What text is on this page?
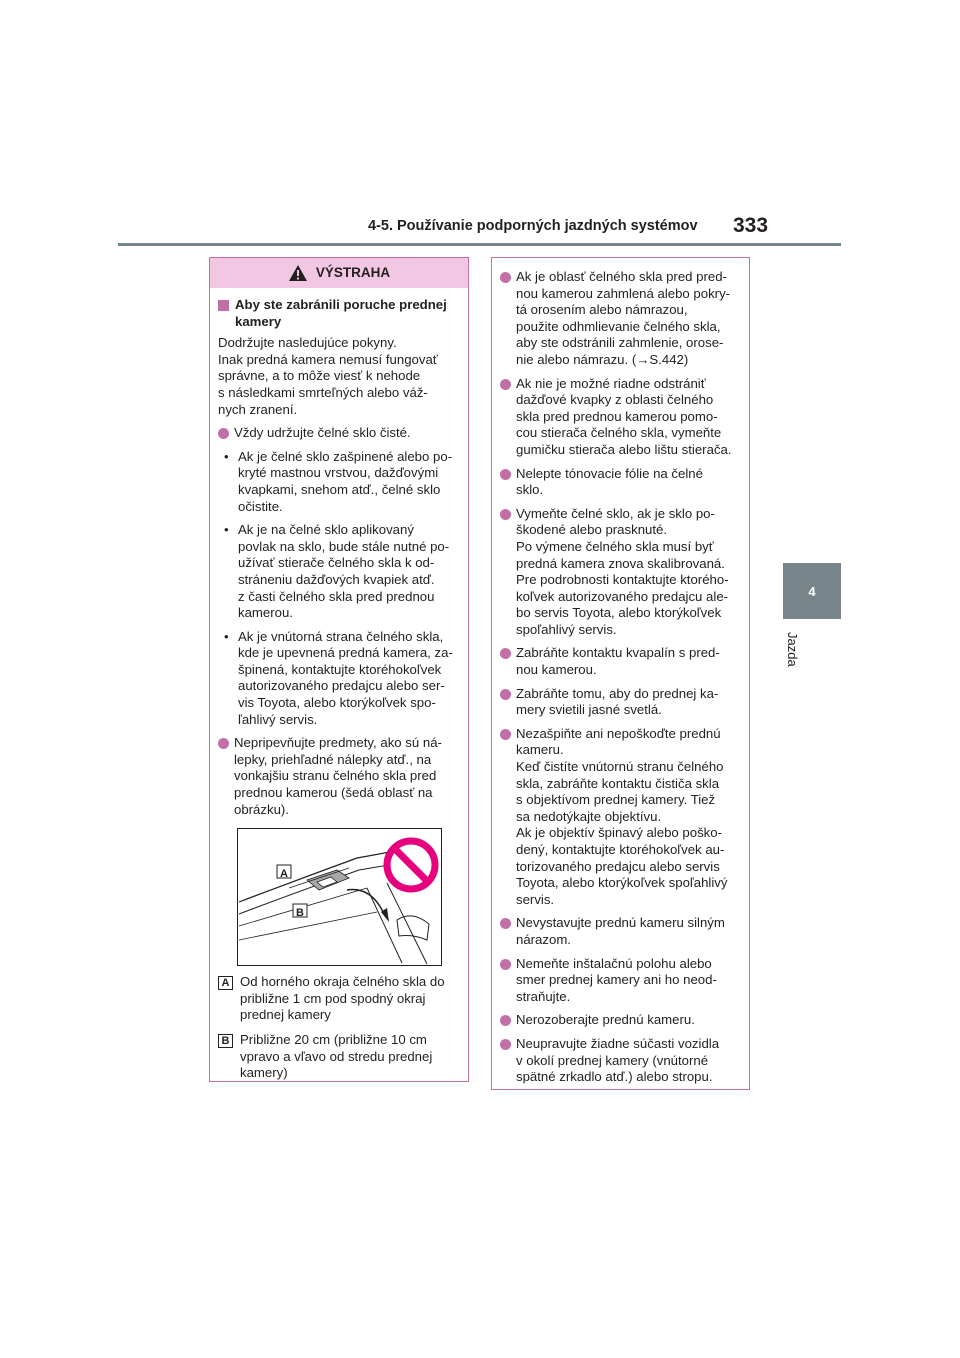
4-5. Používanie podporných jazdných systémov 333
4
Jazda
VÝSTRAHA
Aby ste zabránili poruche prednej kamery
Dodržujte nasledujúce pokyny.
Inak predná kamera nemusí fungovať
správne, a to môže viesť k nehode
s následkami smrteľných alebo váž-
nych zranení.
Vždy udržujte čelné sklo čisté.
• Ak je čelné sklo zašpinené alebo po-
kryté mastnou vrstvou, dažďovými
kvapkami, snehom atď., čelné sklo
očistite.
• Ak je na čelné sklo aplikovaný
povlak na sklo, bude stále nutné po-
užívať stierače čelného skla k od-
stráneniu dažďových kvapiek atď.
z časti čelného skla pred prednou
kamerou.
• Ak je vnútorná strana čelného skla,
kde je upevnená predná kamera, za-
špinená, kontaktujte ktoréhokoľvek
autorizovaného predajcu alebo ser-
vis Toyota, alebo ktorýkoľvek spo-
ľahlivý servis.
Nepripevňujte predmety, ako sú ná-
lepky, priehľadné nálepky atď., na
vonkajšiu stranu čelného skla pred
prednou kamerou (šedá oblasť na
obrázku).
A
B
A Od horného okraja čelného skla do
približne 1 cm pod spodný okraj
prednej kamery
B Približne 20 cm (približne 10 cm
vpravo a vľavo od stredu prednej
kamery)
Ak je oblasť čelného skla pred pred-
nou kamerou zahmlená alebo pokry-
tá orosením alebo námrazou,
použite odhmlievanie čelného skla,
aby ste odstránili zahmlenie, orose-
nie alebo námrazu. (→S.442)
Ak nie je možné riadne odstrániť
dažďové kvapky z oblasti čelného
skla pred prednou kamerou pomo-
cou stierača čelného skla, vymeňte
gumičku stierača alebo lištu stierača.
Nelepte tónovacie fólie na čelné
sklo.
Vymeňte čelné sklo, ak je sklo po-
škodené alebo prasknuté.
Po výmene čelného skla musí byť
predná kamera znova skalibrovaná.
Pre podrobnosti kontaktujte ktorého-
koľvek autorizovaného predajcu ale-
bo servis Toyota, alebo ktorýkoľvek
spoľahlivý servis.
Zabráňte kontaktu kvapalín s pred-
nou kamerou.
Zabráňte tomu, aby do prednej ka-
mery svietili jasné svetlá.
Nezašpiňte ani nepoškoďte prednú
kameru.
Keď čistíte vnútornú stranu čelného
skla, zabráňte kontaktu čističa skla
s objektívom prednej kamery. Tiež
sa nedotýkajte objektívu.
Ak je objektív špinavý alebo poško-
dený, kontaktujte ktoréhokoľvek au-
torizovaného predajcu alebo servis
Toyota, alebo ktorýkoľvek spoľahlivý
servis.
Nevystavujte prednú kameru silným
nárazom.
Nemeňte inštalačnú polohu alebo
smer prednej kamery ani ho neod-
straňujte.
Nerozoberajte prednú kameru.
Neupravujte žiadne súčasti vozidla
v okolí prednej kamery (vnútorné
spätné zrkadlo atď.) alebo stropu.
